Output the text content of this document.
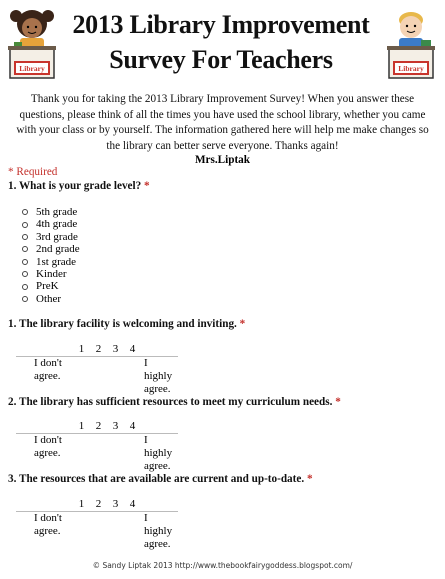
Library	Library
2013 Library Improvement
Survey For Teachers
Thank you for taking the 2013 Library Improvement Survey! When you answer these questions, please think of all the times you have used the school library, whether you came with your class or by yourself. The information gathered here will help me make changes so the library can better serve everyone. Thanks again!
Mrs.Liptak
* Required
1. What is your grade level? *
5th grade
4th grade
3rd grade
2nd grade
1st grade
Kinder
PreK
Other
1. The library facility is welcoming and inviting. *
1 2 3 4
I don't
agree.
I highly
agree.
2. The library has sufficient resources to meet my curriculum needs. *
1 2 3 4
I don't
agree.
I highly
agree.
3. The resources that are available are current and up-to-date. *
1 2 3 4
I don't
agree.
I highly
agree.
© Sandy Liptak 2013 http://www.thebookfairygoddess.blogspot.com/
